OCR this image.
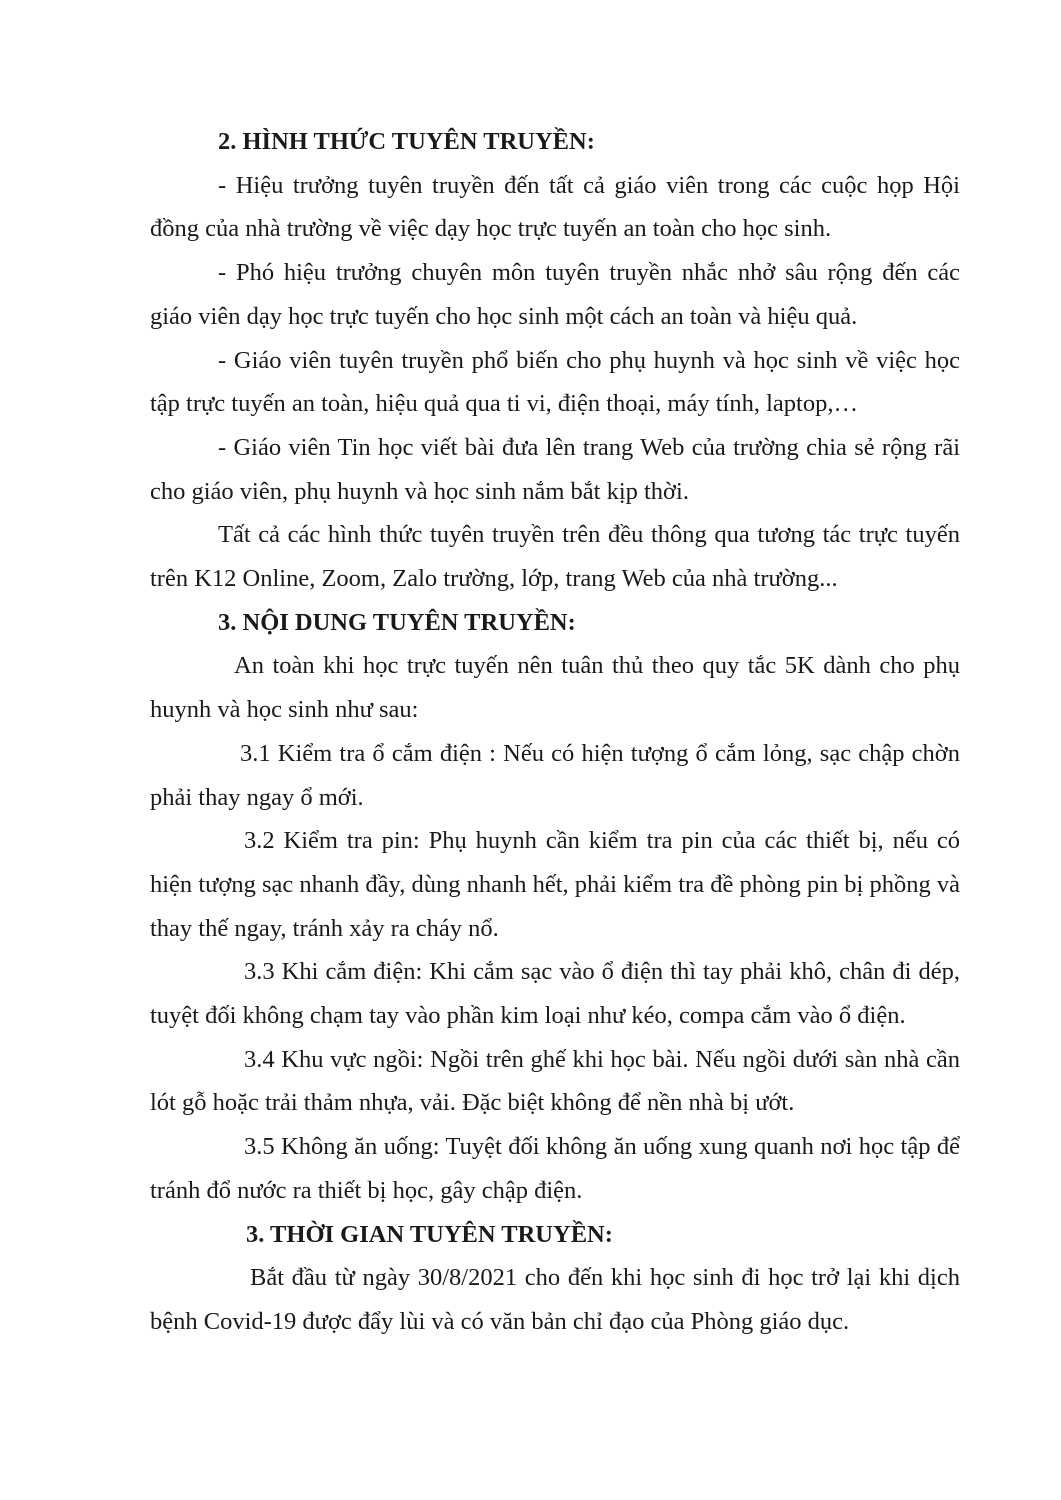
2. HÌNH THỨC TUYÊN TRUYỀN:

- Hiệu trưởng tuyên truyền đến tất cả giáo viên trong các cuộc họp Hội đồng của nhà trường về việc dạy học trực tuyến an toàn cho học sinh.

- Phó hiệu trưởng chuyên môn tuyên truyền nhắc nhở sâu rộng đến các giáo viên dạy học trực tuyến cho học sinh một cách an toàn và hiệu quả.

- Giáo viên tuyên truyền phổ biến cho phụ huynh và học sinh về việc học tập trực tuyến an toàn, hiệu quả qua ti vi, điện thoại, máy tính, laptop,…

- Giáo viên Tin học viết bài đưa lên trang Web của trường chia sẻ rộng rãi cho giáo viên, phụ huynh và học sinh nắm bắt kịp thời.

Tất cả các hình thức tuyên truyền trên đều thông qua tương tác trực tuyến trên K12 Online, Zoom, Zalo trường, lớp, trang Web của nhà trường...

3. NỘI DUNG TUYÊN TRUYỀN:

An toàn khi học trực tuyến nên tuân thủ theo quy tắc 5K dành cho phụ huynh và học sinh như sau:

3.1 Kiểm tra ổ cắm điện : Nếu có hiện tượng ổ cắm lỏng, sạc chập chờn phải thay ngay ổ mới.

3.2 Kiểm tra pin: Phụ huynh cần kiểm tra pin của các thiết bị, nếu có hiện tượng sạc nhanh đầy, dùng nhanh hết, phải kiểm tra đề phòng pin bị phồng và thay thế ngay, tránh xảy ra cháy nổ.

3.3 Khi cắm điện: Khi cắm sạc vào ổ điện thì tay phải khô, chân đi dép, tuyệt đối không chạm tay vào phần kim loại như kéo, compa cắm vào ổ điện.

3.4 Khu vực ngồi: Ngồi trên ghế khi học bài. Nếu ngồi dưới sàn nhà cần lót gỗ hoặc trải thảm nhựa, vải. Đặc biệt không để nền nhà bị ướt.

3.5 Không ăn uống: Tuyệt đối không ăn uống xung quanh nơi học tập để tránh đổ nước ra thiết bị học, gây chập điện.

3. THỜI GIAN TUYÊN TRUYỀN:

Bắt đầu từ ngày 30/8/2021 cho đến khi học sinh đi học trở lại khi dịch bệnh Covid-19 được đẩy lùi và có văn bản chỉ đạo của Phòng giáo dục.
